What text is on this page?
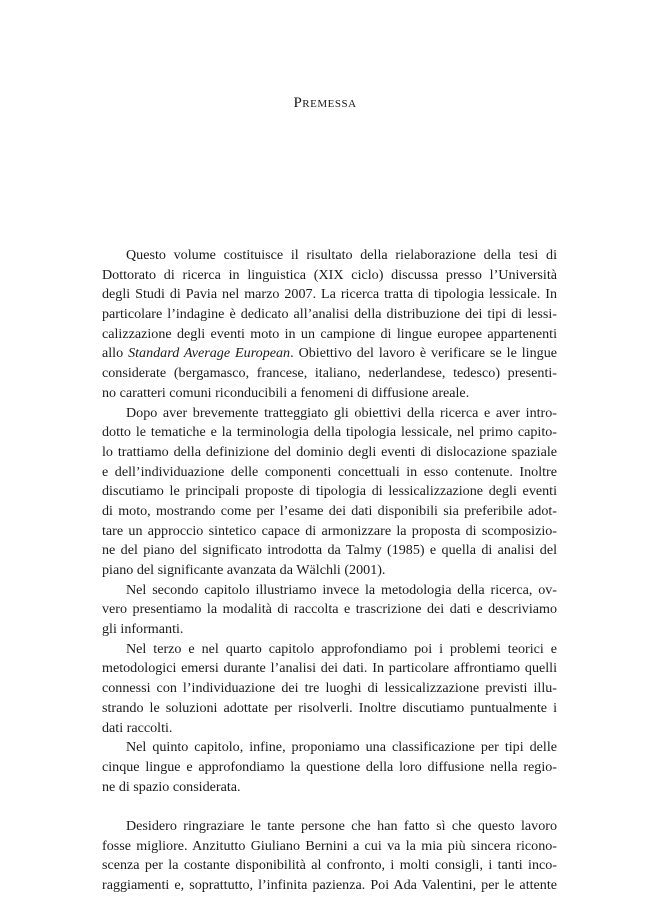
Premessa
Questo volume costituisce il risultato della rielaborazione della tesi di
Dottorato di ricerca in linguistica (XIX ciclo) discussa presso l’Università
degli Studi di Pavia nel marzo 2007. La ricerca tratta di tipologia lessicale. In
particolare l’indagine è dedicato all’analisi della distribuzione dei tipi di lessi-
calizzazione degli eventi moto in un campione di lingue europee appartenenti
allo Standard Average European. Obiettivo del lavoro è verificare se le lingue
considerate (bergamasco, francese, italiano, nederlandese, tedesco) presenti-
no caratteri comuni riconducibili a fenomeni di diffusione areale.
Dopo aver brevemente tratteggiato gli obiettivi della ricerca e aver intro-
dotto le tematiche e la terminologia della tipologia lessicale, nel primo capito-
lo trattiamo della definizione del dominio degli eventi di dislocazione spaziale
e dell’individuazione delle componenti concettuali in esso contenute. Inoltre
discutiamo le principali proposte di tipologia di lessicalizzazione degli eventi
di moto, mostrando come per l’esame dei dati disponibili sia preferibile adot-
tare un approccio sintetico capace di armonizzare la proposta di scomposizio-
ne del piano del significato introdotta da Talmy (1985) e quella di analisi del
piano del significante avanzata da Wälchli (2001).
Nel secondo capitolo illustriamo invece la metodologia della ricerca, ov-
vero presentiamo la modalità di raccolta e trascrizione dei dati e descriviamo
gli informanti.
Nel terzo e nel quarto capitolo approfondiamo poi i problemi teorici e
metodologici emersi durante l’analisi dei dati. In particolare affrontiamo quelli
connessi con l’individuazione dei tre luoghi di lessicalizzazione previsti illu-
strando le soluzioni adottate per risolverli. Inoltre discutiamo puntualmente i
dati raccolti.
Nel quinto capitolo, infine, proponiamo una classificazione per tipi delle
cinque lingue e approfondiamo la questione della loro diffusione nella regio-
ne di spazio considerata.
Desidero ringraziare le tante persone che han fatto sì che questo lavoro
fosse migliore. Anzitutto Giuliano Bernini a cui va la mia più sincera ricono-
scenza per la costante disponibilità al confronto, i molti consigli, i tanti inco-
raggiamenti e, soprattutto, l’infinita pazienza. Poi Ada Valentini, per le attente
